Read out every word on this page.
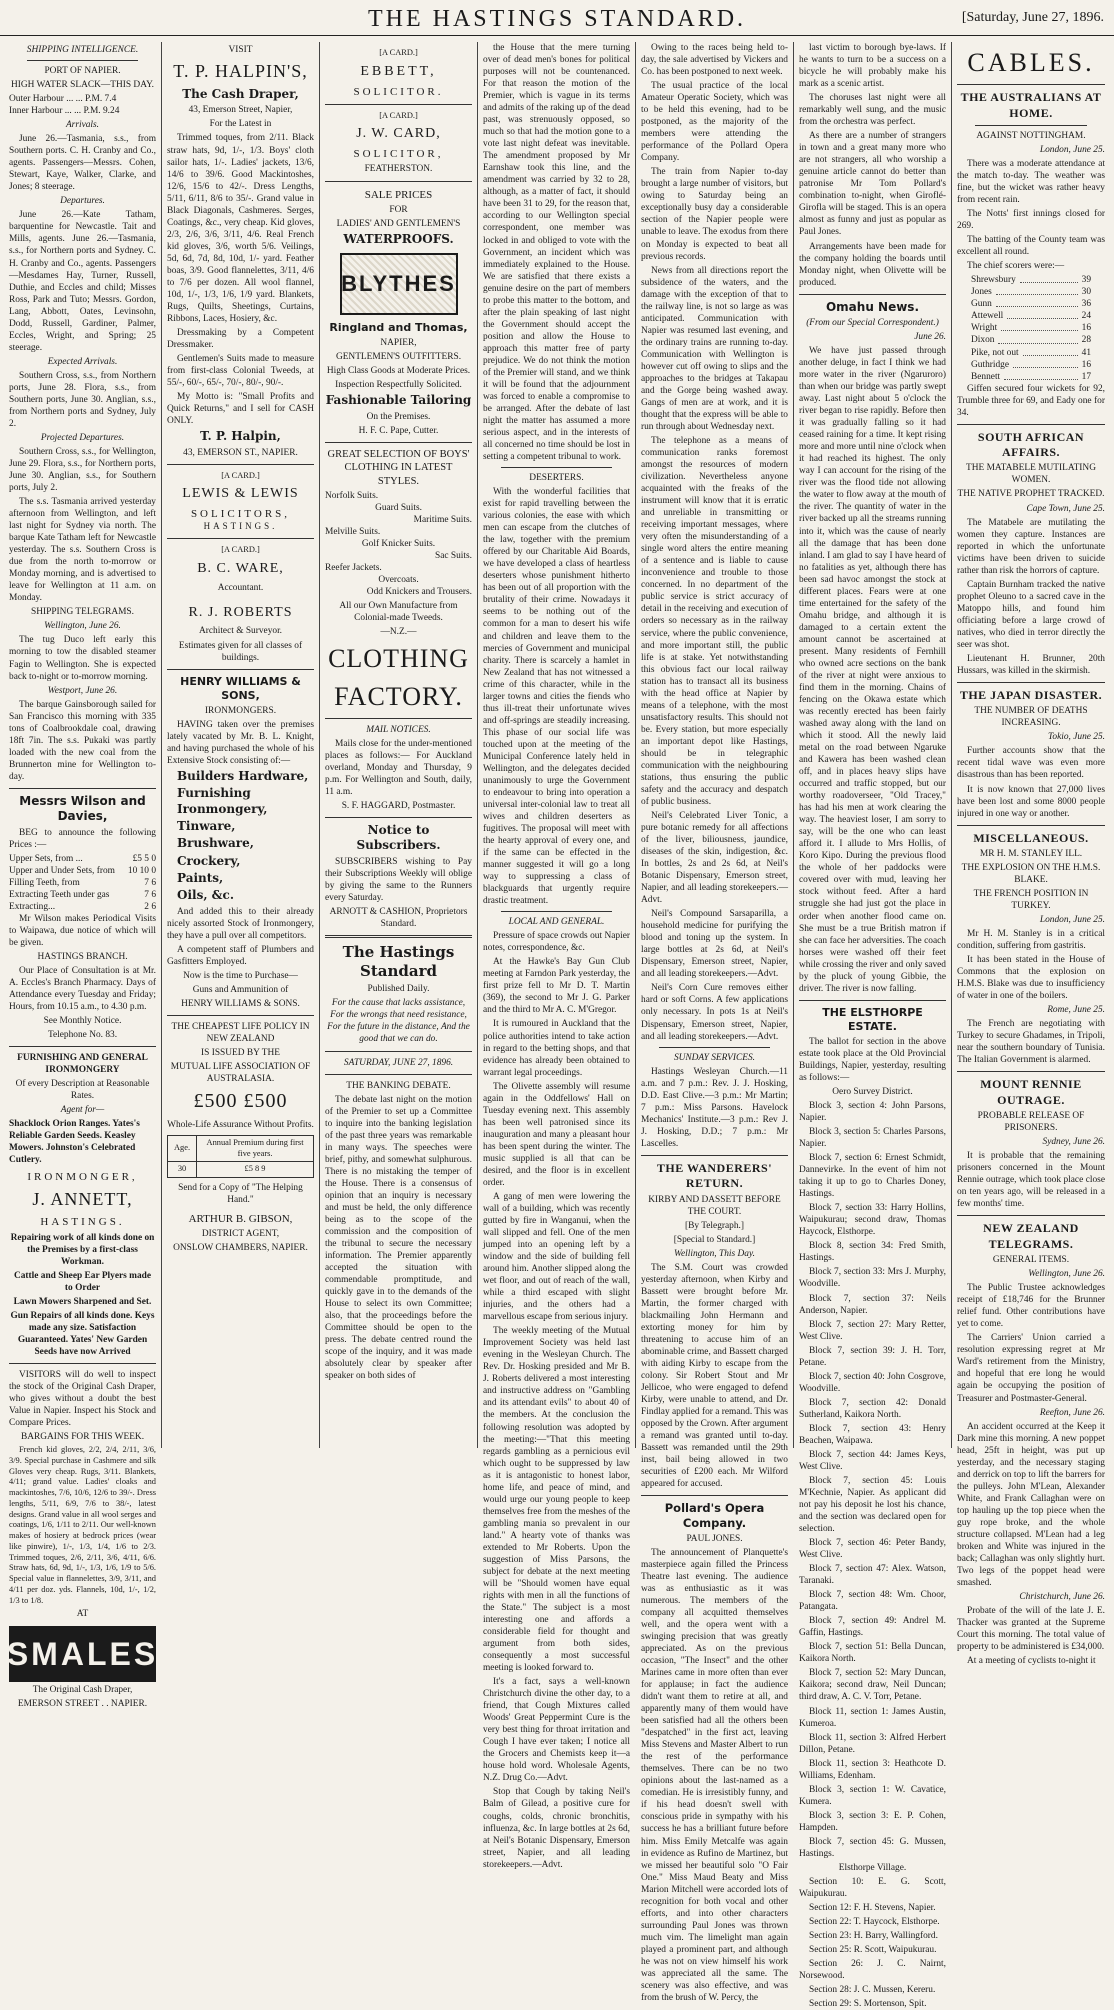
THE HASTINGS STANDARD.	[Saturday, June 27, 1896.
SHIPPING INTELLIGENCE.
PORT OF NAPIER.
HIGH WATER SLACK—THIS DAY.
Outer Harbour ... ... P.M. 7.4
Inner Harbour ... ... P.M. 9.24
Arrivals.
June 26.—Tasmania, s.s., from Southern ports. C. H. Cranby and Co., agents. Passengers—Messrs. Cohen, Stewart, Kaye, Walker, Clarke, and Jones; 8 steerage.
Departures.
June 26.—Kate Tatham, barquentine for Newcastle. Tait and Mills, agents. June 26.—Tasmania, s.s., for Northern ports and Sydney. C. H. Cranby and Co., agents. Passengers—Mesdames Hay, Turner, Russell, Duthie, and Eccles and child; Misses Ross, Park and Tuto; Messrs. Gordon, Lang, Abbott, Oates, Levinsohn, Dodd, Russell, Gardiner, Palmer, Eccles, Wright, and Spring; 25 steerage.
Expected Arrivals.
Southern Cross, s.s., from Northern ports, June 28. Flora, s.s., from Southern ports, June 30. Anglian, s.s., from Northern ports and Sydney, July 2.
Projected Departures.
Southern Cross, s.s., for Wellington, June 29. Flora, s.s., for Northern ports, June 30. Anglian, s.s., for Southern ports, July 2.
The s.s. Tasmania arrived yesterday afternoon from Wellington, and left last night for Sydney via north. The barque Kate Tatham left for Newcastle yesterday. The s.s. Southern Cross is due from the north to-morrow or Monday morning, and is advertised to leave for Wellington at 11 a.m. on Monday.
SHIPPING TELEGRAMS.
Wellington, June 26.
The tug Duco left early this morning to tow the disabled steamer Fagin to Wellington. She is expected back to-night or to-morrow morning.
Westport, June 26.
The barque Gainsborough sailed for San Francisco this morning with 335 tons of Coalbrookdale coal, drawing 18ft 7in. The s.s. Pukaki was partly loaded with the new coal from the Brunnerton mine for Wellington to-day.
Messrs Wilson and Davies,
BEG to announce the following Prices :—
Upper Sets, from ...	£5 5 0
Upper and Under Sets, from 10 10 0
Filling Teeth, from	7 6
Extracting Teeth under gas	7 6
Extracting...	2 6
Mr Wilson makes Periodical Visits to Waipawa, due notice of which will be given.
HASTINGS BRANCH.
Our Place of Consultation is at Mr. A. Eccles's Branch Pharmacy. Days of Attendance every Tuesday and Friday; Hours, from 10.15 a.m., to 4.30 p.m.
See Monthly Notice.
Telephone No. 83.
FURNISHING AND GENERAL IRONMONGERY
Of every Description at Reasonable Rates.
Agent for—
Shacklock Orion Ranges. Yates's Reliable Garden Seeds. Keasley Mowers. Johnston's Celebrated Cutlery.
IRONMONGER,
J. ANNETT,
HASTINGS.
Repairing work of all kinds done on the Premises by a first-class Workman.
Cattle and Sheep Ear Plyers made to Order
Lawn Mowers Sharpened and Set.
Gun Repairs of all kinds done. Keys made any size. Satisfaction Guaranteed. Yates' New Garden Seeds have now Arrived
VISITORS will do well to inspect the stock of the Original Cash Draper, who gives without a doubt the best Value in Napier. Inspect his Stock and Compare Prices.
BARGAINS FOR THIS WEEK.
French kid gloves, 2/2, 2/4, 2/11, 3/6, 3/9. Special purchase in Cashmere and silk Gloves very cheap. Rugs, 3/11. Blankets, 4/11; grand value. Ladies' cloaks and mackintoshes, 7/6, 10/6, 12/6 to 39/-. Dress lengths, 5/11, 6/9, 7/6 to 38/-, latest designs. Grand value in all wool serges and coatings, 1/6, 1/11 to 2/11. Our well-known makes of hosiery at bedrock prices (wear like pinwire), 1/-, 1/3, 1/4, 1/6 to 2/3. Trimmed toques, 2/6, 2/11, 3/6, 4/11, 6/6. Straw hats, 6d, 9d, 1/-, 1/3, 1/6, 1/9 to 5/6. Special value in flannelettes, 3/9, 3/11, and 4/11 per doz. yds. Flannels, 10d, 1/-, 1/2, 1/3 to 1/8.
AT
SMALES
The Original Cash Draper,
EMERSON STREET . . NAPIER.
VISIT
T. P. HALPIN'S,
The Cash Draper,
43, Emerson Street, Napier,
For the Latest in
Trimmed toques, from 2/11. Black straw hats, 9d, 1/-, 1/3. Boys' cloth sailor hats, 1/-. Ladies' jackets, 13/6, 14/6 to 39/6. Good Mackintoshes, 12/6, 15/6 to 42/-. Dress Lengths, 5/11, 6/11, 8/6 to 35/-. Grand value in Black Diagonals, Cashmeres. Serges, Coatings, &c., very cheap. Kid gloves, 2/3, 2/6, 3/6, 3/11, 4/6. Real French kid gloves, 3/6, worth 5/6. Veilings, 5d, 6d, 7d, 8d, 10d, 1/- yard. Feather boas, 3/9. Good flannelettes, 3/11, 4/6 to 7/6 per dozen. All wool flannel, 10d, 1/-, 1/3, 1/6, 1/9 yard. Blankets, Rugs, Quilts, Sheetings, Curtains, Ribbons, Laces, Hosiery, &c.
Dressmaking by a Competent Dressmaker.
Gentlemen's Suits made to measure from first-class Colonial Tweeds, at 55/-, 60/-, 65/-, 70/-, 80/-, 90/-.
My Motto is: "Small Profits and Quick Returns," and I sell for CASH ONLY.
T. P. Halpin,
43, EMERSON ST., NAPIER.
[A CARD.]
LEWIS & LEWIS
SOLICITORS,
HASTINGS.
[A CARD.]
B. C. WARE,
Accountant.
R. J. ROBERTS
Architect & Surveyor.
Estimates given for all classes of buildings.
HENRY WILLIAMS & SONS,
IRONMONGERS.
HAVING taken over the premises lately vacated by Mr. B. L. Knight, and having purchased the whole of his Extensive Stock consisting of:—
Builders Hardware,
Furnishing Ironmongery,
Tinware,
Brushware,
Crockery,
Paints,
Oils, &c.
And added this to their already nicely assorted Stock of Ironmongery, they have a pull over all competitors.
A competent staff of Plumbers and Gasfitters Employed.
Now is the time to Purchase—
Guns and Ammunition of
HENRY WILLIAMS & SONS.
THE CHEAPEST LIFE POLICY IN NEW ZEALAND
IS ISSUED BY THE
MUTUAL LIFE ASSOCIATION OF AUSTRALASIA.
£500 £500
Whole-Life Assurance Without Profits.
Age.	Annual Premium during first five years.
30	£5 8 9
Send for a Copy of "The Helping Hand."
ARTHUR B. GIBSON,
DISTRICT AGENT,
ONSLOW CHAMBERS, NAPIER.
[A CARD.]
EBBETT,
SOLICITOR.
[A CARD.]
J. W. CARD,
SOLICITOR,
FEATHERSTON.
SALE PRICES
FOR
LADIES' AND GENTLEMEN'S
WATERPROOFS.
BLYTHES
Ringland and Thomas,
NAPIER,
GENTLEMEN'S OUTFITTERS.
High Class Goods at Moderate Prices.
Inspection Respectfully Solicited.
Fashionable Tailoring
On the Premises.
H. F. C. Pape, Cutter.
GREAT SELECTION OF BOYS' CLOTHING IN LATEST STYLES.
Norfolk Suits.
Guard Suits.
Maritime Suits.
Melville Suits.
Golf Knicker Suits.
Sac Suits.
Reefer Jackets.
Overcoats.
Odd Knickers and Trousers.
All our Own Manufacture from Colonial-made Tweeds.
—N.Z.—
CLOTHING
FACTORY.
MAIL NOTICES.
Mails close for the under-mentioned places as follows:— For Auckland overland, Monday and Thursday, 9 p.m. For Wellington and South, daily, 11 a.m.
S. F. HAGGARD, Postmaster.
Notice to Subscribers.
SUBSCRIBERS wishing to Pay their Subscriptions Weekly will oblige by giving the same to the Runners every Saturday.
ARNOTT & CASHION, Proprietors Standard.
The Hastings Standard
Published Daily.
For the cause that lacks assistance, For the wrongs that need resistance, For the future in the distance, And the good that we can do.
SATURDAY, JUNE 27, 1896.
THE BANKING DEBATE.
The debate last night on the motion of the Premier to set up a Committee to inquire into the banking legislation of the past three years was remarkable in many ways. The speeches were brief, pithy, and somewhat sulphurous. There is no mistaking the temper of the House. There is a consensus of opinion that an inquiry is necessary and must be held, the only difference being as to the scope of the commission and the composition of the tribunal to secure the necessary information. The Premier apparently accepted the situation with commendable promptitude, and quickly gave in to the demands of the House to select its own Committee; also, that the proceedings before the Committee should be open to the press. The debate centred round the scope of the inquiry, and it was made absolutely clear by speaker after speaker on both sides of
the House that the mere turning over of dead men's bones for political purposes will not be countenanced. For that reason the motion of the Premier, which is vague in its terms and admits of the raking up of the dead past, was strenuously opposed, so much so that had the motion gone to a vote last night defeat was inevitable. The amendment proposed by Mr Earnshaw took this line, and the amendment was carried by 32 to 28, although, as a matter of fact, it should have been 31 to 29, for the reason that, according to our Wellington special correspondent, one member was locked in and obliged to vote with the Government, an incident which was immediately explained to the House. We are satisfied that there exists a genuine desire on the part of members to probe this matter to the bottom, and after the plain speaking of last night the Government should accept the position and allow the House to approach this matter free of party prejudice. We do not think the motion of the Premier will stand, and we think it will be found that the adjournment was forced to enable a compromise to be arranged. After the debate of last night the matter has assumed a more serious aspect, and in the interests of all concerned no time should be lost in setting a competent tribunal to work.
DESERTERS.
With the wonderful facilities that exist for rapid travelling between the various colonies, the ease with which men can escape from the clutches of the law, together with the premium offered by our Charitable Aid Boards, we have developed a class of heartless deserters whose punishment hitherto has been out of all proportion with the brutality of their crime. Nowadays it seems to be nothing out of the common for a man to desert his wife and children and leave them to the mercies of Government and municipal charity. There is scarcely a hamlet in New Zealand that has not witnessed a crime of this character, while in the larger towns and cities the fiends who thus ill-treat their unfortunate wives and off-springs are steadily increasing. This phase of our social life was touched upon at the meeting of the Municipal Conference lately held in Wellington, and the delegates decided unanimously to urge the Government to endeavour to bring into operation a universal inter-colonial law to treat all wives and children deserters as fugitives. The proposal will meet with the hearty approval of every one, and if the same can be effected in the manner suggested it will go a long way to suppressing a class of blackguards that urgently require drastic treatment.
LOCAL AND GENERAL.
Pressure of space crowds out Napier notes, correspondence, &c.
At the Hawke's Bay Gun Club meeting at Farndon Park yesterday, the first prize fell to Mr D. T. Martin (369), the second to Mr J. G. Parker and the third to Mr A. C. M'Gregor.
It is rumoured in Auckland that the police authorities intend to take action in regard to the betting shops, and that evidence has already been obtained to warrant legal proceedings.
The Olivette assembly will resume again in the Oddfellows' Hall on Tuesday evening next. This assembly has been well patronised since its inauguration and many a pleasant hour has been spent during the winter. The music supplied is all that can be desired, and the floor is in excellent order.
A gang of men were lowering the wall of a building, which was recently gutted by fire in Wanganui, when the wall slipped and fell. One of the men jumped into an opening left by a window and the side of building fell around him. Another slipped along the wet floor, and out of reach of the wall, while a third escaped with slight injuries, and the others had a marvellous escape from serious injury.
The weekly meeting of the Mutual Improvement Society was held last evening in the Wesleyan Church. The Rev. Dr. Hosking presided and Mr B. J. Roberts delivered a most interesting and instructive address on "Gambling and its attendant evils" to about 40 of the members. At the conclusion the following resolution was adopted by the meeting:—"That this meeting regards gambling as a pernicious evil which ought to be suppressed by law as it is antagonistic to honest labor, home life, and peace of mind, and would urge our young people to keep themselves free from the meshes of the gambling mania so prevalent in our land." A hearty vote of thanks was extended to Mr Roberts. Upon the suggestion of Miss Parsons, the subject for debate at the next meeting will be "Should women have equal rights with men in all the functions of the State." The subject is a most interesting one and affords a considerable field for thought and argument from both sides, consequently a most successful meeting is looked forward to.
It's a fact, says a well-known Christchurch divine the other day, to a friend, that Cough Mixtures called Woods' Great Peppermint Cure is the very best thing for throat irritation and Cough I have ever taken; I notice all the Grocers and Chemists keep it—a house hold word. Wholesale Agents, N.Z. Drug Co.—Advt.
Stop that Cough by taking Neil's Balm of Gilead, a positive cure for coughs, colds, chronic bronchitis, influenza, &c. In large bottles at 2s 6d, at Neil's Botanic Dispensary, Emerson street, Napier, and all leading storekeepers.—Advt.
Owing to the races being held to-day, the sale advertised by Vickers and Co. has been postponed to next week.
The usual practice of the local Amateur Operatic Society, which was to be held this evening, had to be postponed, as the majority of the members were attending the performance of the Pollard Opera Company.
The train from Napier to-day brought a large number of visitors, but owing to Saturday being an exceptionally busy day a considerable section of the Napier people were unable to leave. The exodus from there on Monday is expected to beat all previous records.
News from all directions report the subsidence of the waters, and the damage with the exception of that to the railway line, is not so large as was anticipated. Communication with Napier was resumed last evening, and the ordinary trains are running to-day. Communication with Wellington is however cut off owing to slips and the approaches to the bridges at Takapau and the Gorge being washed away. Gangs of men are at work, and it is thought that the express will be able to run through about Wednesday next.
The telephone as a means of communication ranks foremost amongst the resources of modern civilization. Nevertheless anyone acquainted with the freaks of the instrument will know that it is erratic and unreliable in transmitting or receiving important messages, where very often the misunderstanding of a single word alters the entire meaning of a sentence and is liable to cause inconvenience and trouble to those concerned. In no department of the public service is strict accuracy of detail in the receiving and execution of orders so necessary as in the railway service, where the public convenience, and more important still, the public life is at stake. Yet notwithstanding this obvious fact our local railway station has to transact all its business with the head office at Napier by means of a telephone, with the most unsatisfactory results. This should not be. Every station, but more especially an important depot like Hastings, should be in telegraphic communication with the neighbouring stations, thus ensuring the public safety and the accuracy and despatch of public business.
Neil's Celebrated Liver Tonic, a pure botanic remedy for all affections of the liver, biliousness, jaundice, diseases of the skin, indigestion, &c. In bottles, 2s and 2s 6d, at Neil's Botanic Dispensary, Emerson street, Napier, and all leading storekeepers.—Advt.
Neil's Compound Sarsaparilla, a household medicine for purifying the blood and toning up the system. In large bottles at 2s 6d, at Neil's Dispensary, Emerson street, Napier, and all leading storekeepers.—Advt.
Neil's Corn Cure removes either hard or soft Corns. A few applications only necessary. In pots 1s at Neil's Dispensary, Emerson street, Napier, and all leading storekeepers.—Advt.
SUNDAY SERVICES.
Hastings Wesleyan Church.—11 a.m. and 7 p.m.: Rev. J. J. Hosking, D.D. East Clive.—3 p.m.: Mr Martin; 7 p.m.: Miss Parsons. Havelock Mechanics' Institute.—3 p.m.: Rev J. J. Hosking, D.D.; 7 p.m.: Mr Lascelles.
THE WANDERERS' RETURN.
KIRBY AND DASSETT BEFORE THE COURT.
[By Telegraph.]
[Special to Standard.]
Wellington, This Day.
The S.M. Court was crowded yesterday afternoon, when Kirby and Bassett were brought before Mr. Martin, the former charged with blackmailing John Hermann and extorting money for him by threatening to accuse him of an abominable crime, and Bassett charged with aiding Kirby to escape from the colony. Sir Robert Stout and Mr Jellicoe, who were engaged to defend Kirby, were unable to attend, and Dr. Findlay applied for a remand. This was opposed by the Crown. After argument a remand was granted until to-day. Bassett was remanded until the 29th inst, bail being allowed in two securities of £200 each. Mr Wilford appeared for accused.
Pollard's Opera Company.
PAUL JONES.
The announcement of Planquette's masterpiece again filled the Princess Theatre last evening. The audience was as enthusiastic as it was numerous. The members of the company all acquitted themselves well, and the opera went with a swinging precision that was greatly appreciated. As on the previous occasion, "The Insect" and the other Marines came in more often than ever for applause; in fact the audience didn't want them to retire at all, and apparently many of them would have been satisfied had all the others been "despatched" in the first act, leaving Miss Stevens and Master Albert to run the rest of the performance themselves. There can be no two opinions about the last-named as a comedian. He is irresistibly funny, and if his head doesn't swell with conscious pride in sympathy with his success he has a brilliant future before him. Miss Emily Metcalfe was again in evidence as Rufino de Martinez, but we missed her beautiful solo "O Fair One." Miss Maud Beaty and Miss Marion Mitchell were accorded lots of recognition for both vocal and other efforts, and into other characters surrounding Paul Jones was thrown much vim. The limelight man again played a prominent part, and although he was not on view himself his work was appreciated all the same. The scenery was also effective, and was from the brush of W. Percy, the
last victim to borough bye-laws. If he wants to turn to be a success on a bicycle he will probably make his mark as a scenic artist.
The choruses last night were all remarkably well sung, and the music from the orchestra was perfect.
As there are a number of strangers in town and a great many more who are not strangers, all who worship a genuine article cannot do better than patronise Mr Tom Pollard's combination to-night, when Giroflé-Girofla will be staged. This is an opera almost as funny and just as popular as Paul Jones.
Arrangements have been made for the company holding the boards until Monday night, when Olivette will be produced.
Omahu News.
(From our Special Correspondent.)
June 26.
We have just passed through another deluge, in fact I think we had more water in the river (Ngaruroro) than when our bridge was partly swept away. Last night about 5 o'clock the river began to rise rapidly. Before then it was gradually falling so it had ceased raining for a time. It kept rising more and more until nine o'clock when it had reached its highest. The only way I can account for the rising of the river was the flood tide not allowing the water to flow away at the mouth of the river. The quantity of water in the river backed up all the streams running into it, which was the cause of nearly all the damage that has been done inland. I am glad to say I have heard of no fatalities as yet, although there has been sad havoc amongst the stock at different places. Fears were at one time entertained for the safety of the Omahu bridge, and although it is damaged to a certain extent the amount cannot be ascertained at present. Many residents of Fernhill who owned acre sections on the bank of the river at night were anxious to find them in the morning. Chains of fencing on the Okawa estate which was recently erected has been fairly washed away along with the land on which it stood. All the newly laid metal on the road between Ngaruke and Kawera has been washed clean off, and in places heavy slips have occurred and traffic stopped, but our worthy roadoverseer, "Old Tracey," has had his men at work clearing the way. The heaviest loser, I am sorry to say, will be the one who can least afford it. I allude to Mrs Hollis, of Koro Kipo. During the previous flood the whole of her paddocks were covered over with mud, leaving her stock without feed. After a hard struggle she had just got the place in order when another flood came on. She must be a true British matron if she can face her adversities. The coach horses were washed off their feet while crossing the river and only saved by the pluck of young Gibbie, the driver. The river is now falling.
THE ELSTHORPE ESTATE.
The ballot for section in the above estate took place at the Old Provincial Buildings, Napier, yesterday, resulting as follows:—
Oero Survey District.
Block 3, section 4: John Parsons, Napier.
Block 3, section 5: Charles Parsons, Napier.
Block 7, section 6: Ernest Schmidt, Dannevirke. In the event of him not taking it up to go to Charles Doney, Hastings.
Block 7, section 33: Harry Hollins, Waipukurau; second draw, Thomas Haycock, Elsthorpe.
Block 8, section 34: Fred Smith, Hastings.
Block 7, section 33: Mrs J. Murphy, Woodville.
Block 7, section 37: Neils Anderson, Napier.
Block 7, section 27: Mary Retter, West Clive.
Block 7, section 39: J. H. Torr, Petane.
Block 7, section 40: John Cosgrove, Woodville.
Block 7, section 42: Donald Sutherland, Kaikora North.
Block 7, section 43: Henry Beachen, Waipawa.
Block 7, section 44: James Keys, West Clive.
Block 7, section 45: Louis M'Kechnie, Napier. As applicant did not pay his deposit he lost his chance, and the section was declared open for selection.
Block 7, section 46: Peter Bandy, West Clive.
Block 7, section 47: Alex. Watson, Taranaki.
Block 7, section 48: Wm. Choor, Patangata.
Block 7, section 49: Andrel M. Gaffin, Hastings.
Block 7, section 51: Bella Duncan, Kaikora North.
Block 7, section 52: Mary Duncan, Kaikora; second draw, Neil Duncan; third draw, A. C. V. Torr, Petane.
Block 11, section 1: James Austin, Kumeroa.
Block 11, section 3: Alfred Herbert Dillon, Petane.
Block 11, section 3: Heathcote D. Williams, Edenham.
Block 3, section 1: W. Cavatice, Kumera.
Block 3, section 3: E. P. Cohen, Hampden.
Block 7, section 45: G. Mussen, Hastings.
Elsthorpe Village.
Section 10: E. G. Scott, Waipukurau.
Section 12: F. H. Stevens, Napier.
Section 22: T. Haycock, Elsthorpe.
Section 23: H. Barry, Wallingford.
Section 25: R. Scott, Waipukurau.
Section 26: J. C. Nairnt, Norsewood.
Section 28: J. C. Mussen, Kereru.
Section 29: S. Mortenson, Spit.
CABLES.
THE AUSTRALIANS AT HOME.
AGAINST NOTTINGHAM.
London, June 25.
There was a moderate attendance at the match to-day. The weather was fine, but the wicket was rather heavy from recent rain.
The Notts' first innings closed for 269.
The batting of the County team was excellent all round.
The chief scorers were:—
Shrewsbury	39
Jones	30
Gunn	36
Attewell	24
Wright	16
Dixon	28
Pike, not out	41
Guthridge	16
Bennett	17
Giffen secured four wickets for 92, Trumble three for 69, and Eady one for 34.
SOUTH AFRICAN AFFAIRS.
THE MATABELE MUTILATING WOMEN.
THE NATIVE PROPHET TRACKED.
Cape Town, June 25.
The Matabele are mutilating the women they capture. Instances are reported in which the unfortunate victims have been driven to suicide rather than risk the horrors of capture.
Captain Burnham tracked the native prophet Oleuno to a sacred cave in the Matoppo hills, and found him officiating before a large crowd of natives, who died in terror directly the seer was shot.
Lieutenant H. Brunner, 20th Hussars, was killed in the skirmish.
THE JAPAN DISASTER.
THE NUMBER OF DEATHS INCREASING.
Tokio, June 25.
Further accounts show that the recent tidal wave was even more disastrous than has been reported.
It is now known that 27,000 lives have been lost and some 8000 people injured in one way or another.
MISCELLANEOUS.
MR H. M. STANLEY ILL.
THE EXPLOSION ON THE H.M.S. BLAKE.
THE FRENCH POSITION IN TURKEY.
London, June 25.
Mr H. M. Stanley is in a critical condition, suffering from gastritis.
It has been stated in the House of Commons that the explosion on H.M.S. Blake was due to insufficiency of water in one of the boilers.
Rome, June 25.
The French are negotiating with Turkey to secure Ghadames, in Tripoli, near the southern boundary of Tunisia. The Italian Government is alarmed.
MOUNT RENNIE OUTRAGE.
PROBABLE RELEASE OF PRISONERS.
Sydney, June 26.
It is probable that the remaining prisoners concerned in the Mount Rennie outrage, which took place close on ten years ago, will be released in a few months' time.
NEW ZEALAND TELEGRAMS.
GENERAL ITEMS.
Wellington, June 26.
The Public Trustee acknowledges receipt of £18,746 for the Brunner relief fund. Other contributions have yet to come.
The Carriers' Union carried a resolution expressing regret at Mr Ward's retirement from the Ministry, and hopeful that ere long he would again be occupying the position of Treasurer and Postmaster-General.
Reefton, June 26.
An accident occurred at the Keep it Dark mine this morning. A new poppet head, 25ft in height, was put up yesterday, and the necessary staging and derrick on top to lift the barrers for the pulleys. John M'Lean, Alexander White, and Frank Callaghan were on top hauling up the top piece when the guy rope broke, and the whole structure collapsed. M'Lean had a leg broken and White was injured in the back; Callaghan was only slightly hurt. Two legs of the poppet head were smashed.
Christchurch, June 26.
Probate of the will of the late J. E. Thacker was granted at the Supreme Court this morning. The total value of property to be administered is £34,000.
At a meeting of cyclists to-night it
